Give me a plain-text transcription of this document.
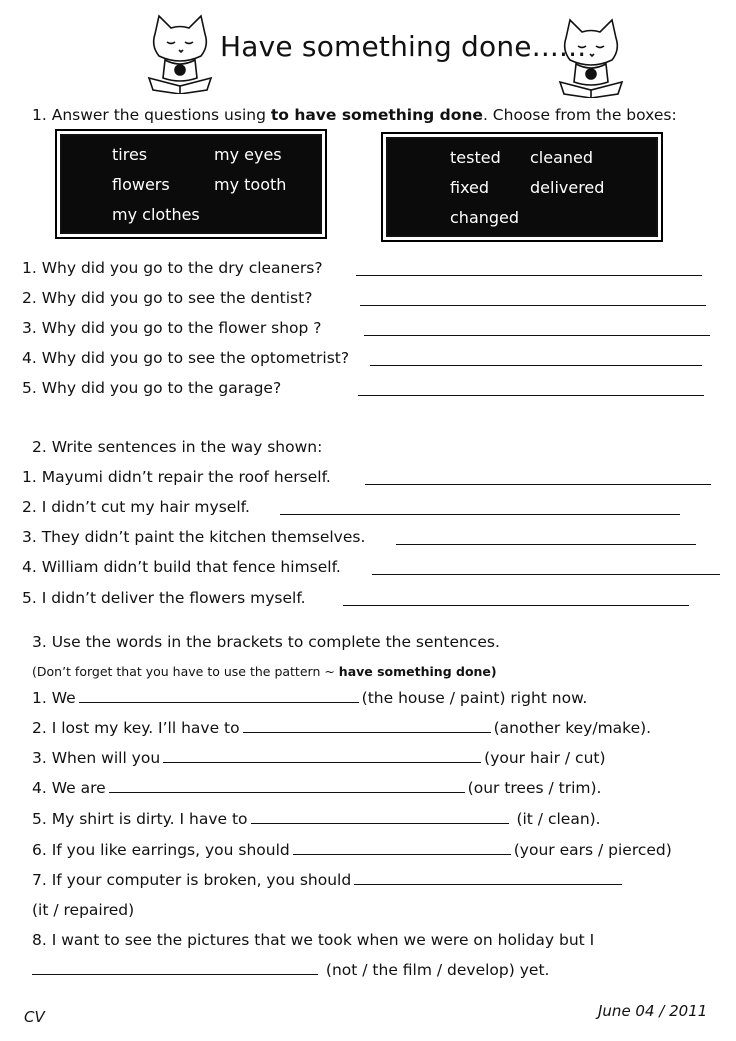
Have something done......
1. Answer the questions using to have something done. Choose from the boxes:
tires	my eyes
flowers	my tooth
my clothes
tested cleaned
fixed	delivered
changed
1. Why did you go to the dry cleaners?
2. Why did you go to see the dentist?
3. Why did you go to the flower shop ?
4. Why did you go to see the optometrist?
5. Why did you go to the garage?
2. Write sentences in the way shown:
1. Mayumi didn’t repair the roof herself.
2. I didn’t cut my hair myself.
3. They didn’t paint the kitchen themselves.
4. William didn’t build that fence himself.
5. I didn’t deliver the flowers myself.
3. Use the words in the brackets to complete the sentences.
(Don’t forget that you have to use the pattern ~ have something done)
1. We	(the house / paint) right now.
2. I lost my key. I’ll have to	(another key/make).
3. When will you	(your hair / cut)
4. We are	(our trees / trim).
5. My shirt is dirty. I have to	(it / clean).
6. If you like earrings, you should	(your ears / pierced)
7. If your computer is broken, you should
(it / repaired)
8. I want to see the pictures that we took when we were on holiday but I
(not / the film / develop) yet.
CV	June 04 / 2011
